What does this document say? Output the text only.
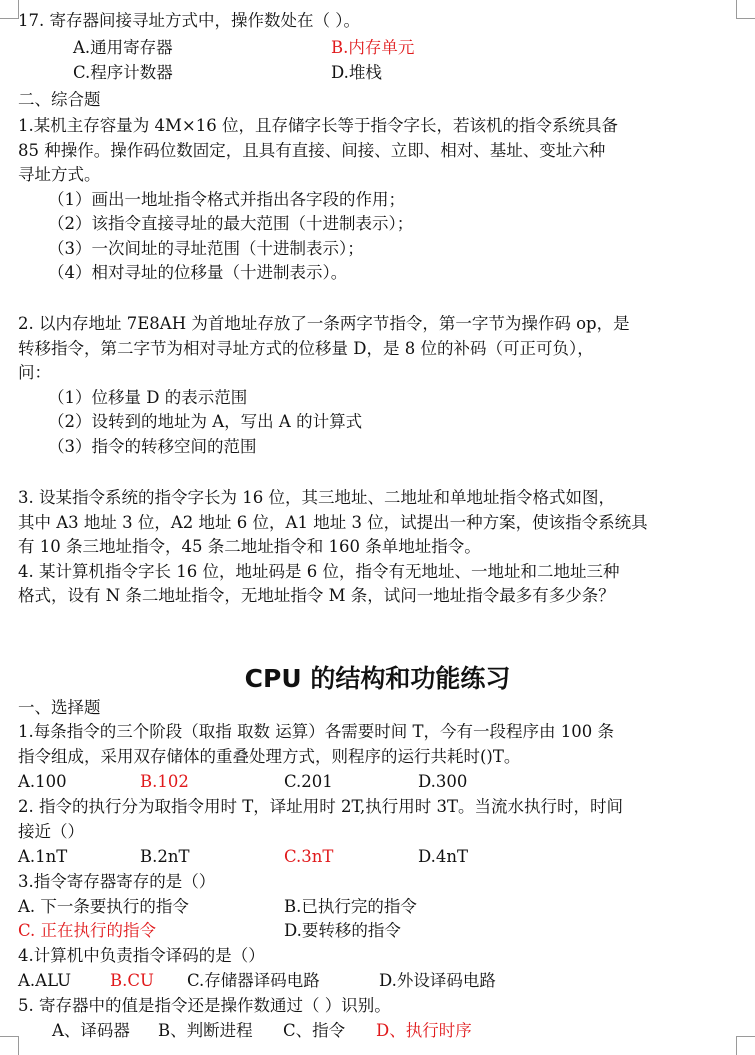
17. 寄存器间接寻址方式中，操作数处在（ ）。
A.通用寄存器	B.内存单元
C.程序计数器	D.堆栈
二、综合题
1.某机主存容量为 4M×16 位，且存储字长等于指令字长，若该机的指令系统具备
85 种操作。操作码位数固定，且具有直接、间接、立即、相对、基址、变址六种
寻址方式。
（1）画出一地址指令格式并指出各字段的作用；
（2）该指令直接寻址的最大范围（十进制表示）；
（3）一次间址的寻址范围（十进制表示）；
（4）相对寻址的位移量（十进制表示）。
2. 以内存地址 7E8AH 为首地址存放了一条两字节指令，第一字节为操作码 op，是
转移指令，第二字节为相对寻址方式的位移量 D，是 8 位的补码（可正可负），
问：
（1）位移量 D 的表示范围
（2）设转到的地址为 A，写出 A 的计算式
（3）指令的转移空间的范围
3. 设某指令系统的指令字长为 16 位，其三地址、二地址和单地址指令格式如图，
其中 A3 地址 3 位，A2 地址 6 位，A1 地址 3 位，试提出一种方案，使该指令系统具
有 10 条三地址指令，45 条二地址指令和 160 条单地址指令。
4. 某计算机指令字长 16 位，地址码是 6 位，指令有无地址、一地址和二地址三种
格式，设有 N 条二地址指令，无地址指令 M 条，试问一地址指令最多有多少条？
CPU 的结构和功能练习
一、选择题
1.每条指令的三个阶段（取指 取数 运算）各需要时间 T，今有一段程序由 100 条
指令组成，采用双存储体的重叠处理方式，则程序的运行共耗时()T。
A.100	B.102	C.201	D.300
2. 指令的执行分为取指令用时 T，译址用时 2T,执行用时 3T。当流水执行时，时间
接近（）
A.1nT	B.2nT	C.3nT	D.4nT
3.指令寄存器寄存的是（）
A. 下一条要执行的指令	B.已执行完的指令
C. 正在执行的指令	D.要转移的指令
4.计算机中负责指令译码的是（）
A.ALU B.CU C.存储器译码电路	D.外设译码电路
5. 寄存器中的值是指令还是操作数通过（ ）识别。
A、译码器 B、判断进程 C、指令 D、执行时序
